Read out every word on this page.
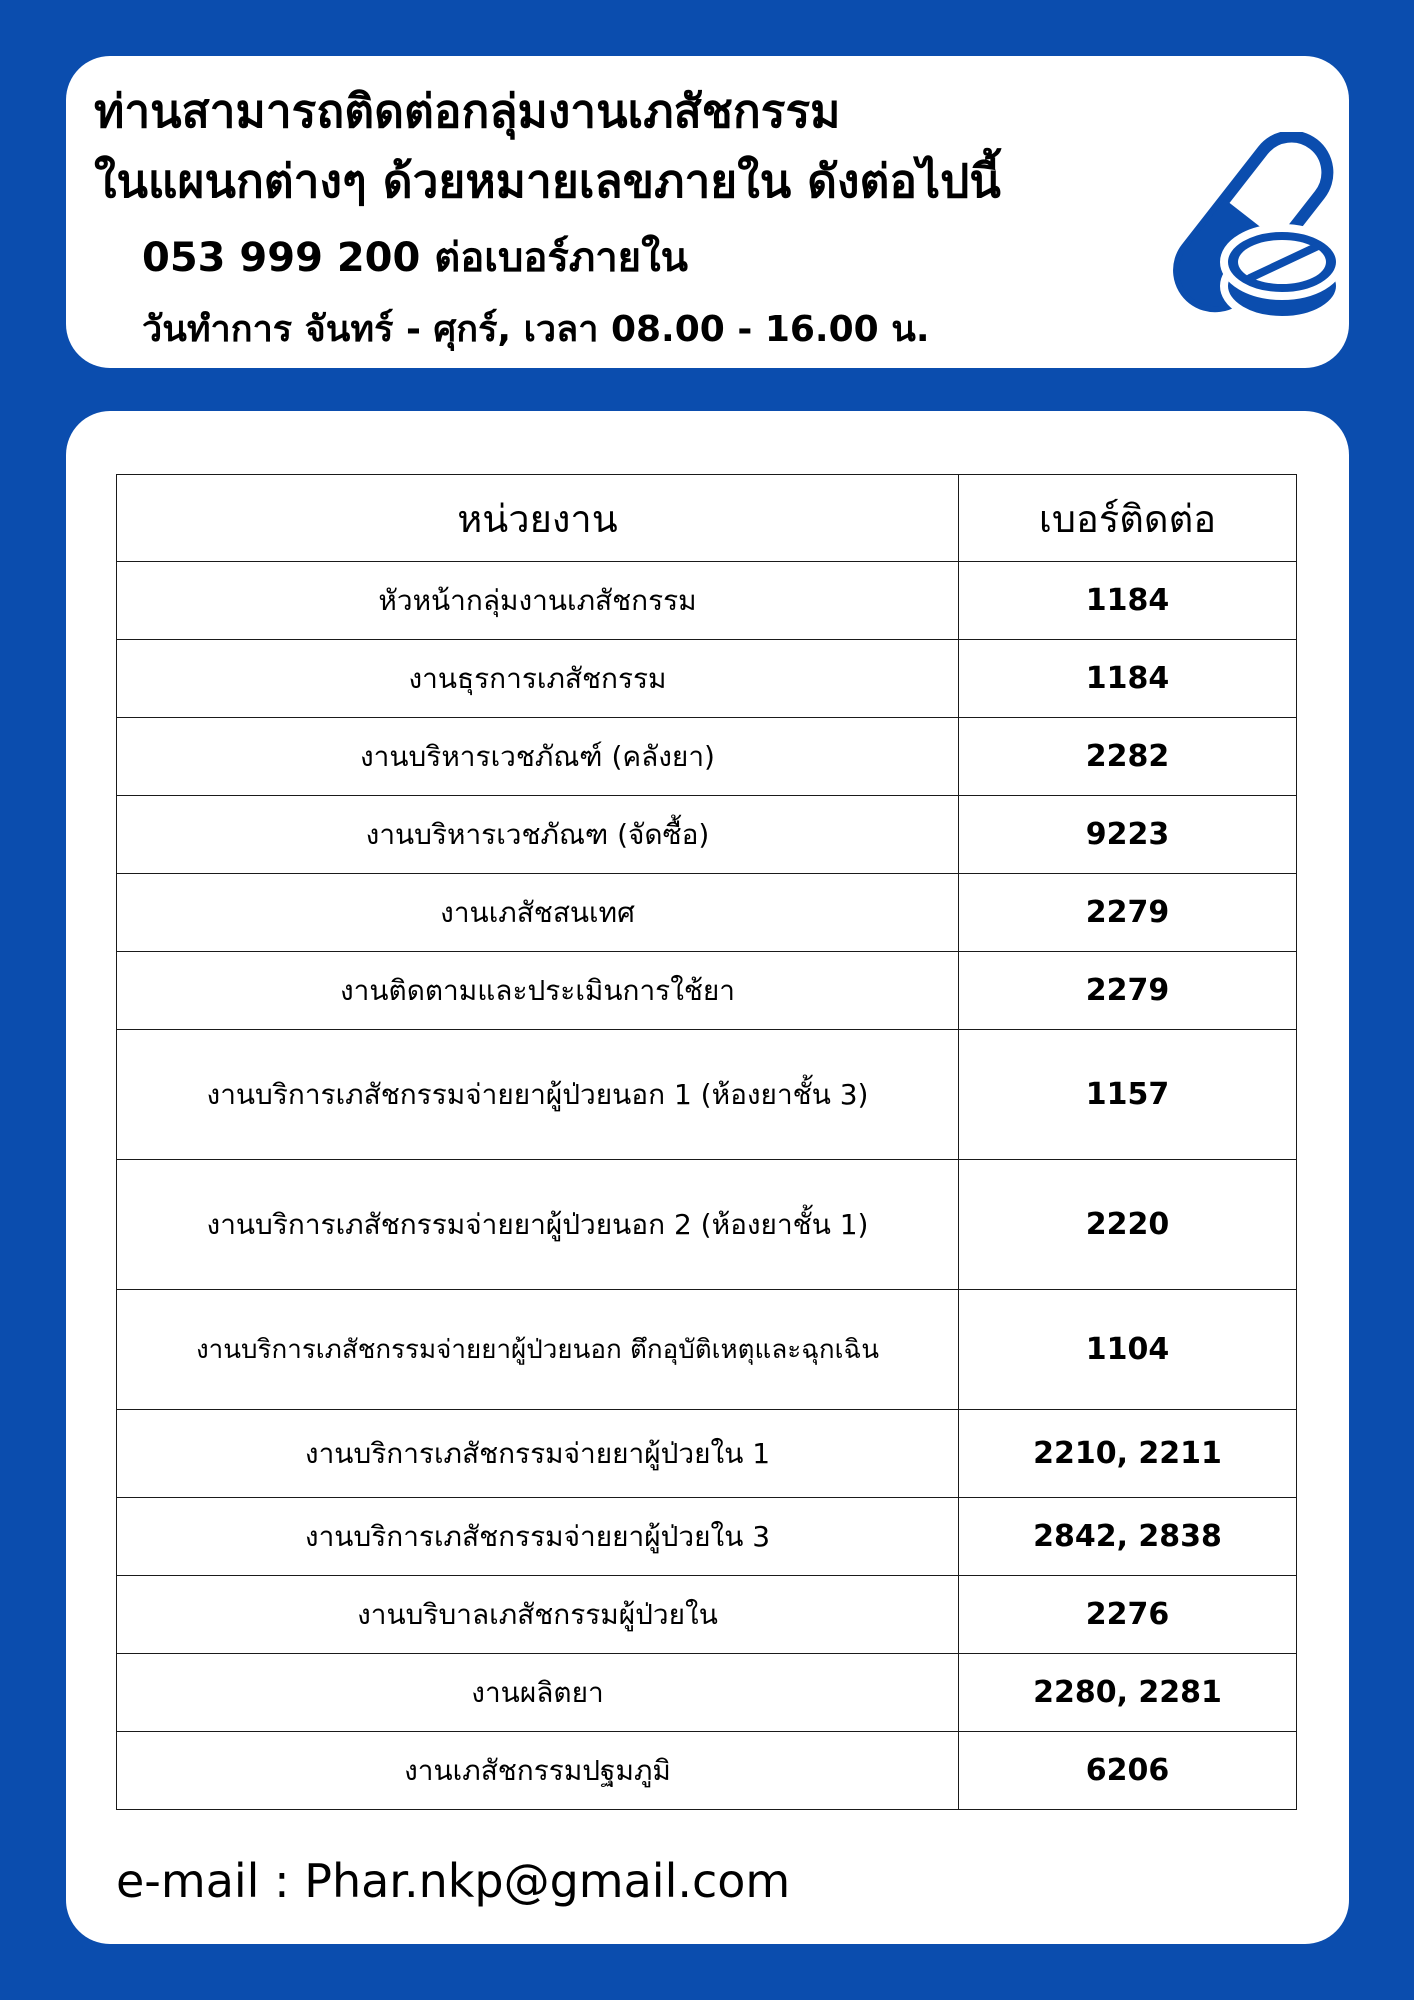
ท่านสามารถติดต่อกลุ่มงานเภสัชกรรม
ในแผนกต่างๆ ด้วยหมายเลขภายใน ดังต่อไปนี้
053 999 200 ต่อเบอร์ภายใน
วันทำการ จันทร์ - ศุกร์, เวลา 08.00 - 16.00 น.
หน่วยงาน	เบอร์ติดต่อ
หัวหน้ากลุ่มงานเภสัชกรรม	1184
งานธุรการเภสัชกรรม	1184
งานบริหารเวชภัณฑ์ (คลังยา)	2282
งานบริหารเวชภัณฑ (จัดซื้อ)	9223
งานเภสัชสนเทศ	2279
งานติดตามและประเมินการใช้ยา	2279
งานบริการเภสัชกรรมจ่ายยาผู้ป่วยนอก 1 (ห้องยาชั้น 3)	1157
งานบริการเภสัชกรรมจ่ายยาผู้ป่วยนอก 2 (ห้องยาชั้น 1)	2220
งานบริการเภสัชกรรมจ่ายยาผู้ป่วยนอก ตึกอุบัติเหตุและฉุกเฉิน	1104
งานบริการเภสัชกรรมจ่ายยาผู้ป่วยใน 1	2210, 2211
งานบริการเภสัชกรรมจ่ายยาผู้ป่วยใน 3	2842, 2838
งานบริบาลเภสัชกรรมผู้ป่วยใน	2276
งานผลิตยา	2280, 2281
งานเภสัชกรรมปฐมภูมิ	6206
e-mail : Phar.nkp@gmail.com
